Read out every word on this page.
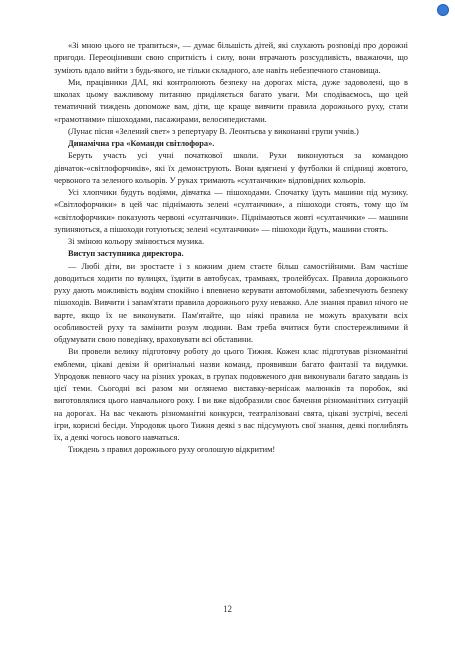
«Зі мною цього не трапиться», — думає більшість дітей, які слухають розповіді про дорожні пригоди. Переоцінивши свою спритність і силу, вони втрачають розсудливість, вважаючи, що зуміють вдало вийти з будь-якого, не тільки складного, але навіть небезпечного становища.

Ми, працівники ДАІ, які контролюють безпеку на дорогах міста, дуже задоволені, що в школах цьому важливому питанню приділяється багато уваги. Ми сподіваємось, що цей тематичний тиждень допоможе вам, діти, ще краще вивчити правила дорожнього руху, стати «грамотними» пішоходами, пасажирами, велосипедистами.

(Лунає пісня «Зелений свет» з репертуару В. Леонтьєва у виконанні групи учнів.)

Динамічна гра «Команди світлофора».

Беруть участь усі учні початкової школи. Рухи виконуються за командою дівчаток-«світлофорчиків», які їх демонструють. Вони вдягнені у футболки й спідниці жовтого, червоного та зеленого кольорів. У руках тримають «султанчики» відповідних кольорів.

Усі хлопчики будуть водіями, дівчатка — пішоходами. Спочатку їдуть машини під музику. «Світлофорчики» в цей час піднімають зелені «султанчики», а пішоходи стоять, тому що їм «світлофорчики» показують червоні «султанчики». Піднімаються жовті «султанчики» — машини зупиняються, а пішоходи готуються; зелені «султанчики» — пішоходи йдуть, машини стоять.

Зі зміною кольору змінюється музика.

Виступ заступника директора.

— Любі діти, ви зростаєте і з кожним днем стаєте більш самостійними. Вам частіше доводиться ходити по вулицях, їздити в автобусах, трамваях, тролейбусах. Правила дорожнього руху дають можливість водіям спокійно і впевнено керувати автомобілями, забезпечують безпеку пішоходів. Вивчити і запам'ятати правила дорожнього руху неважко. Але знання правил нічого не варте, якщо їх не виконувати. Пам'ятайте, що ніякі правила не можуть врахувати всіх особливостей руху та замінити розум людини. Вам треба вчитися бути спостережливими й обдумувати свою поведінку, враховувати всі обставини.

Ви провели велику підготовчу роботу до цього Тижня. Кожен клас підготував різноманітні емблеми, цікаві девізи й оригінальні назви команд, проявивши багато фантазії та видумки. Упродовж певного часу на різних уроках, в групах подовженого дня виконували багато завдань із цієї теми. Сьогодні всі разом ми оглянемо виставку-вернісаж малюнків та поробок, які виготовлялися цього навчального року. І ви вже відобразили своє бачення різноманітних ситуацій на дорогах. На вас чекають різноманітні конкурси, театралізовані свята, цікаві зустрічі, веселі ігри, корисні бесіди. Упродовж цього Тижня деякі з вас підсумують свої знання, деякі поглиблять їх, а деякі чогось нового навчаться.

Тиждень з правил дорожнього руху оголошую відкритим!

12
